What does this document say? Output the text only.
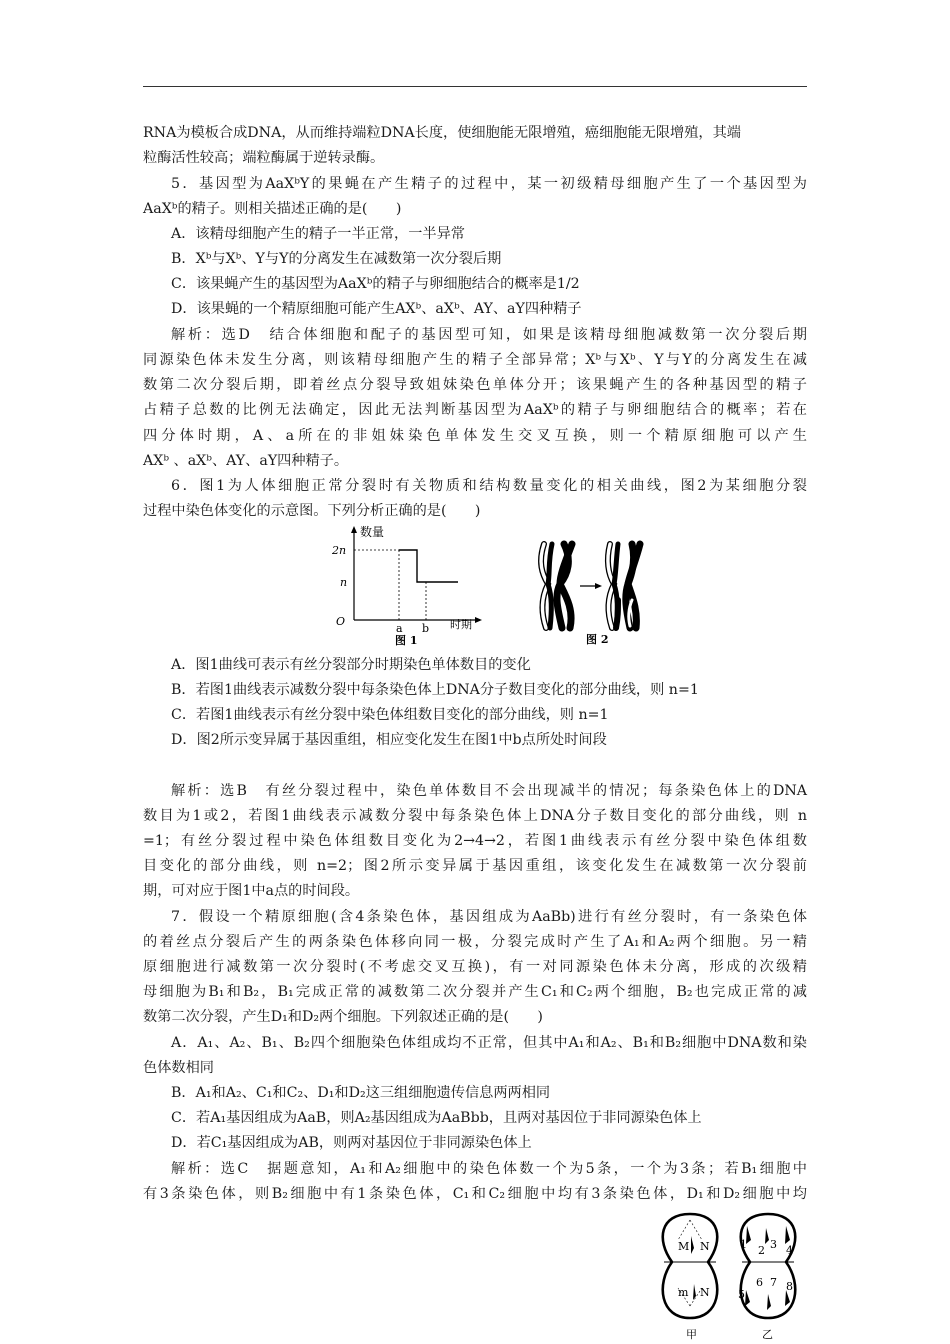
RNA为模板合成DNA，从而维持端粒DNA长度，使细胞能无限增殖，癌细胞能无限增殖，其端
粒酶活性较高；端粒酶属于逆转录酶。
5．基因型为AaXᵇY的果蝇在产生精子的过程中，某一初级精母细胞产生了一个基因型为
AaXᵇ的精子。则相关描述正确的是(　　)
A．该精母细胞产生的精子一半正常，一半异常
B．Xᵇ与Xᵇ、Y与Y的分离发生在减数第一次分裂后期
C．该果蝇产生的基因型为AaXᵇ的精子与卵细胞结合的概率是1/2
D．该果蝇的一个精原细胞可能产生AXᵇ、aXᵇ、AY、aY四种精子
解析：选D　结合体细胞和配子的基因型可知，如果是该精母细胞减数第一次分裂后期
同源染色体未发生分离，则该精母细胞产生的精子全部异常；Xᵇ与Xᵇ、Y与Y的分离发生在减
数第二次分裂后期，即着丝点分裂导致姐妹染色单体分开；该果蝇产生的各种基因型的精子
占精子总数的比例无法确定，因此无法判断基因型为AaXᵇ的精子与卵细胞结合的概率；若在
四分体时期，A、a所在的非姐妹染色单体发生交叉互换，则一个精原细胞可以产生
AXᵇ 、aXᵇ、AY、aY四种精子。
6．图1为人体细胞正常分裂时有关物质和结构数量变化的相关曲线，图2为某细胞分裂
过程中染色体变化的示意图。下列分析正确的是(　　)
数量
2n
n
O
a b 时期
图 1	图 2
A．图1曲线可表示有丝分裂部分时期染色单体数目的变化
B．若图1曲线表示减数分裂中每条染色体上DNA分子数目变化的部分曲线，则 n=1
C．若图1曲线表示有丝分裂中染色体组数目变化的部分曲线，则 n=1
D．图2所示变异属于基因重组，相应变化发生在图1中b点所处时间段
解析：选B　有丝分裂过程中，染色单体数目不会出现减半的情况；每条染色体上的DNA
数目为1或2，若图1曲线表示减数分裂中每条染色体上DNA分子数目变化的部分曲线，则 n
=1；有丝分裂过程中染色体组数目变化为2→4→2，若图1曲线表示有丝分裂中染色体组数
目变化的部分曲线，则 n=2；图2所示变异属于基因重组，该变化发生在减数第一次分裂前
期，可对应于图1中a点的时间段。
7．假设一个精原细胞(含4条染色体，基因组成为AaBb)进行有丝分裂时，有一条染色体
的着丝点分裂后产生的两条染色体移向同一极，分裂完成时产生了A₁和A₂两个细胞。另一精
原细胞进行减数第一次分裂时(不考虑交叉互换)，有一对同源染色体未分离，形成的次级精
母细胞为B₁和B₂，B₁完成正常的减数第二次分裂并产生C₁和C₂两个细胞，B₂也完成正常的减
数第二次分裂，产生D₁和D₂两个细胞。下列叙述正确的是(　　)
A．A₁、A₂、B₁、B₂四个细胞染色体组成均不正常，但其中A₁和A₂、B₁和B₂细胞中DNA数和染
色体数相同
B．A₁和A₂、C₁和C₂、D₁和D₂这三组细胞遗传信息两两相同
C．若A₁基因组成为AaB，则A₂基因组成为AaBbb，且两对基因位于非同源染色体上
D．若C₁基因组成为AB，则两对基因位于非同源染色体上
解析：选C　据题意知，A₁和A₂细胞中的染色体数一个为5条，一个为3条；若B₁细胞中
有3条染色体，则B₂细胞中有1条染色体，C₁和C₂细胞中均有3条染色体，D₁和D₂细胞中均
M N
m N
甲
1 2 3 4
5
6 7 8
乙
